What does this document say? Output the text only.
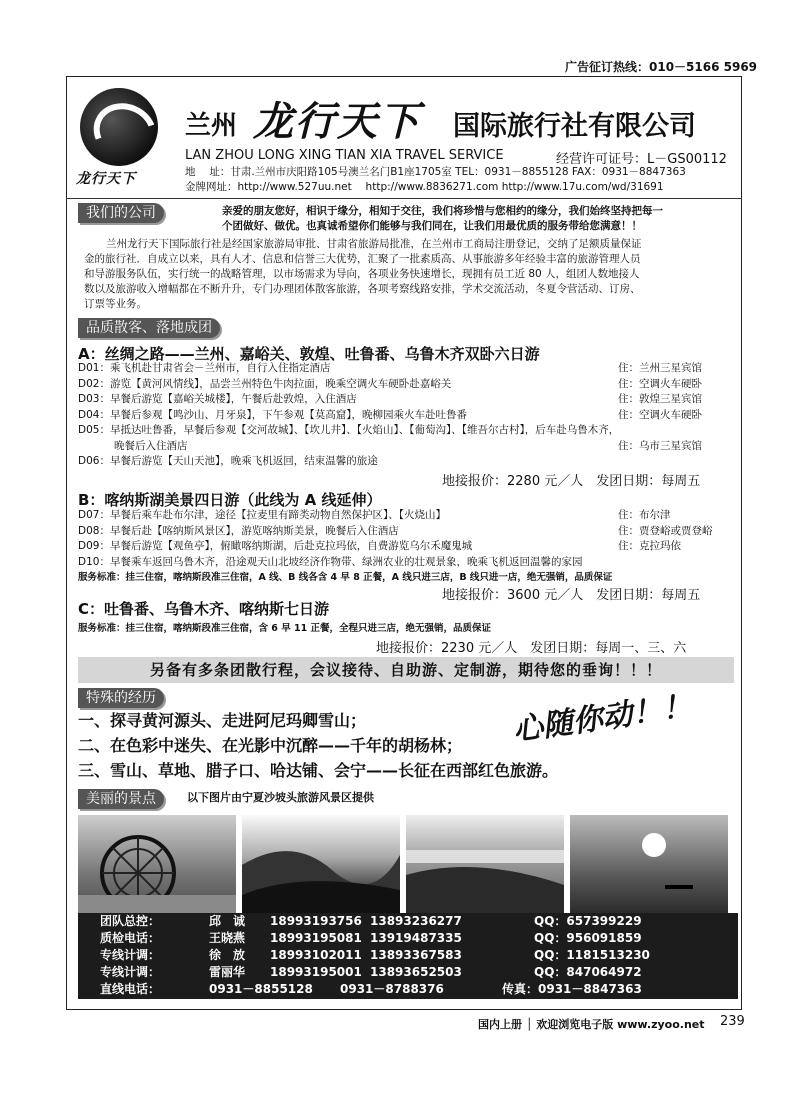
广告征订热线：010－5166 5969
龙行天下
兰州 龙行天下 国际旅行社有限公司
LAN ZHOU LONG XING TIAN XIA TRAVEL SERVICE	经营许可证号：L－GS00112
地　 址：甘肃.兰州市庆阳路105号澳兰名门B1座1705室 TEL：0931－8855128 FAX：0931－8847363
金牌网址：http://www.527uu.net　 http://www.8836271.com http://www.17u.com/wd/31691
我们的公司	亲爱的朋友您好，相识于缘分，相知于交往，我们将珍惜与您相约的缘分，我们始终坚持把每一
个团做好、做优。也真诚希望你们能够与我们同在，让我们用最优质的服务带给您满意！！
兰州龙行天下国际旅行社是经国家旅游局审批、甘肃省旅游局批准，在兰州市工商局注册登记，交纳了足额质量保证
金的旅行社．自成立以来，具有人才、信息和信誉三大优势，汇聚了一批素质高、从事旅游多年经验丰富的旅游管理人员
和导游服务队伍，实行统一的战略管理，以市场需求为导向，各项业务快速增长，现拥有员工近 80 人，组团人数地接人
数以及旅游收入增幅都在不断升升，专门办理团体散客旅游，各项考察线路安排，学术交流活动，冬夏令营活动、订房、
订票等业务。
品质散客、落地成团
A：丝绸之路——兰州、嘉峪关、敦煌、吐鲁番、乌鲁木齐双卧六日游
D01：乘飞机赴甘肃省会－兰州市，自行入住指定酒店	住：兰州三星宾馆
D02：游览【黄河风情线】，品尝兰州特色牛肉拉面，晚乘空调火车硬卧赴嘉峪关	住：空调火车硬卧
D03：早餐后游览【嘉峪关城楼】，午餐后赴敦煌，入住酒店	住：敦煌三星宾馆
D04：早餐后参观【鸣沙山、月牙泉】，下午参观【莫高窟】，晚柳园乘火车赴吐鲁番	住：空调火车硬卧
D05：早抵达吐鲁番，早餐后参观【交河故城】、【坎儿井】、【火焰山】、【葡萄沟】、【维吾尔古村】，后车赴乌鲁木齐，
晚餐后入住酒店	住：乌市三星宾馆
D06：早餐后游览【天山天池】，晚乘飞机返回，结束温馨的旅途
地接报价：2280 元／人　发团日期：每周五
B：喀纳斯湖美景四日游（此线为 A 线延伸）
D07：早餐后乘车赴布尔津，途径【拉麦里有蹄类动物自然保护区】、【火烧山】	住：布尔津
D08：早餐后赴【喀纳斯风景区】，游览喀纳斯美景，晚餐后入住酒店	住：贾登峪或贾登峪
D09：早餐后游览【观鱼亭】，俯瞰喀纳斯湖，后赴克拉玛依，自费游览乌尔禾魔鬼城	住：克拉玛依
D10：早餐乘车返回乌鲁木齐，沿途观天山北坡经济作物带、绿洲农业的壮观景象，晚乘飞机返回温馨的家园
服务标准：挂三住宿，喀纳斯段准三住宿，A 线、B 线各含 4 早 8 正餐，A 线只进三店，B 线只进一店，绝无强销，品质保证
地接报价：3600 元／人　发团日期：每周五
C：吐鲁番、乌鲁木齐、喀纳斯七日游
服务标准：挂三住宿，喀纳斯段准三住宿，含 6 早 11 正餐，全程只进三店，绝无强销，品质保证
地接报价：2230 元／人　发团日期：每周一、三、六
另备有多条团散行程，会议接待、自助游、定制游，期待您的垂询！！！
特殊的经历
一、探寻黄河源头、走进阿尼玛卿雪山；
二、在色彩中迷失、在光影中沉醉——千年的胡杨林；
三、雪山、草地、腊子口、哈达铺、会宁——长征在西部红色旅游。
心随你动！！
美丽的景点	以下图片由宁夏沙坡头旅游风景区提供
团队总控：	邱　诚 18993193756 13893236277	QQ：657399229
质检电话：	王晓燕 18993195081 13919487335	QQ：956091859
专线计调：	徐　放 18993102011 13893367583	QQ：1181513230
专线计调：	雷丽华 18993195001 13893652503	QQ：847064972
直线电话：	0931－8855128 0931－8788376	传真：0931－8847363
国内上册 │ 欢迎浏览电子版 www.zyoo.net 239
